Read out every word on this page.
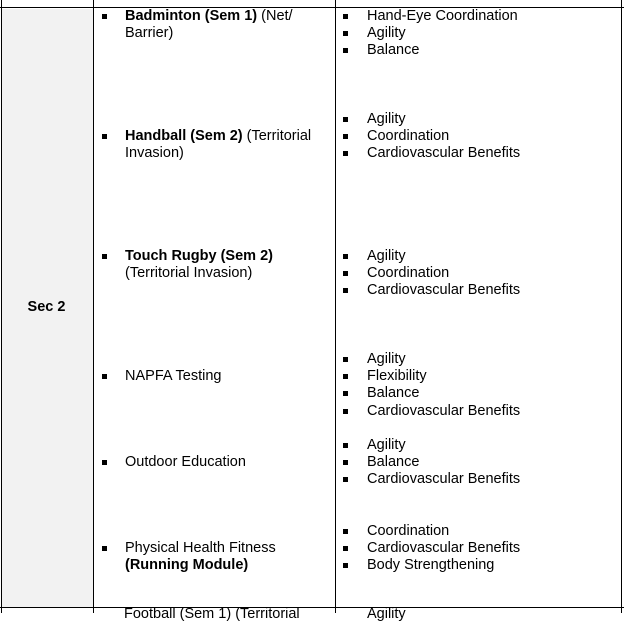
Sec 2
Badminton (Sem 1) (Net/
Barrier)
Hand-Eye Coordination
Agility
Balance
Handball (Sem 2) (Territorial
Invasion)
Agility
Coordination
Cardiovascular Benefits
Touch Rugby (Sem 2)
(Territorial Invasion)
Agility
Coordination
Cardiovascular Benefits
NAPFA Testing
Agility
Flexibility
Balance
Cardiovascular Benefits
Outdoor Education
Agility
Balance
Cardiovascular Benefits
Physical Health Fitness
(Running Module)
Coordination
Cardiovascular Benefits
Body Strengthening
Football (Sem 1) (Territorial	Agility
